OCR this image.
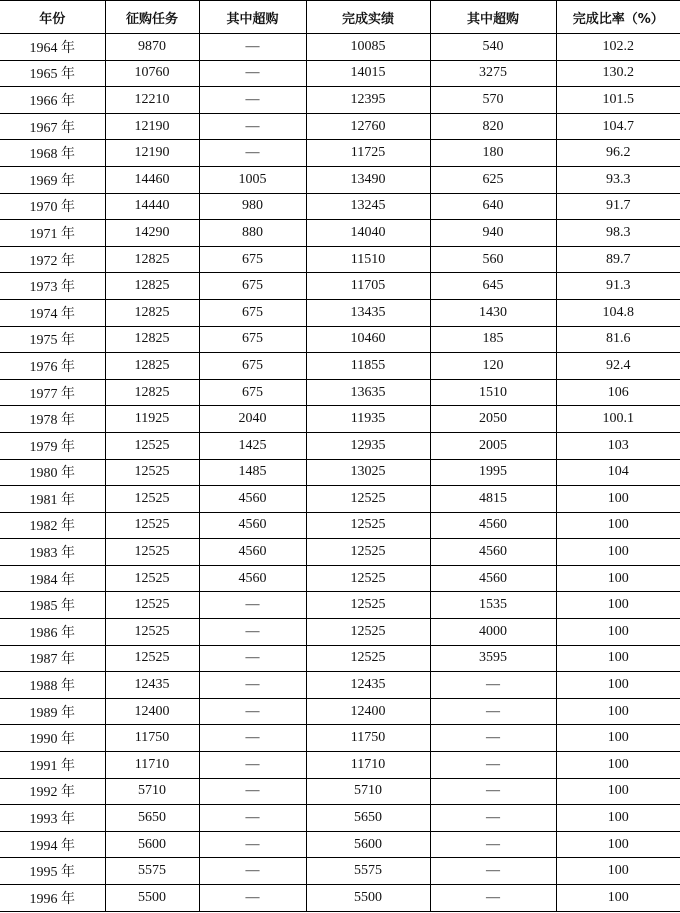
年份	征购任务	其中超购	完成实绩	其中超购	完成比率（%）
1964 年	9870	—	10085	540	102.2
1965 年	10760	—	14015	3275	130.2
1966 年	12210	—	12395	570	101.5
1967 年	12190	—	12760	820	104.7
1968 年	12190	—	11725	180	96.2
1969 年	14460	1005	13490	625	93.3
1970 年	14440	980	13245	640	91.7
1971 年	14290	880	14040	940	98.3
1972 年	12825	675	11510	560	89.7
1973 年	12825	675	11705	645	91.3
1974 年	12825	675	13435	1430	104.8
1975 年	12825	675	10460	185	81.6
1976 年	12825	675	11855	120	92.4
1977 年	12825	675	13635	1510	106
1978 年	11925	2040	11935	2050	100.1
1979 年	12525	1425	12935	2005	103
1980 年	12525	1485	13025	1995	104
1981 年	12525	4560	12525	4815	100
1982 年	12525	4560	12525	4560	100
1983 年	12525	4560	12525	4560	100
1984 年	12525	4560	12525	4560	100
1985 年	12525	—	12525	1535	100
1986 年	12525	—	12525	4000	100
1987 年	12525	—	12525	3595	100
1988 年	12435	—	12435	—	100
1989 年	12400	—	12400	—	100
1990 年	11750	—	11750	—	100
1991 年	11710	—	11710	—	100
1992 年	5710	—	5710	—	100
1993 年	5650	—	5650	—	100
1994 年	5600	—	5600	—	100
1995 年	5575	—	5575	—	100
1996 年	5500	—	5500	—	100
